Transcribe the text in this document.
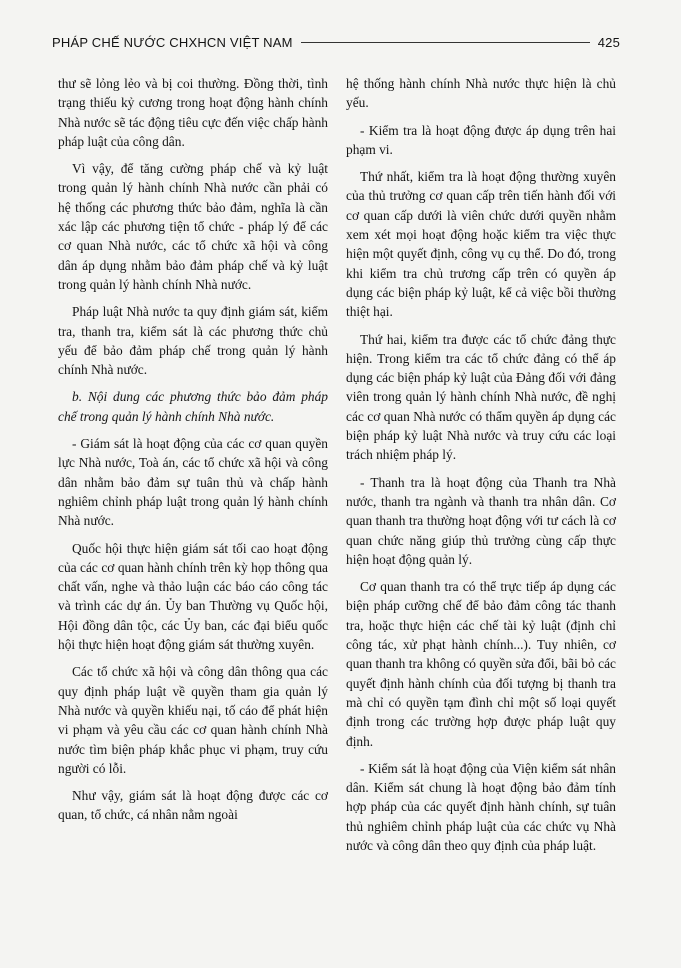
PHÁP CHẾ NƯỚC CHXHCN VIỆT NAM	425

thư sẽ lỏng lẻo và bị coi thường. Đồng thời, tình trạng thiếu kỷ cương trong hoạt động hành chính Nhà nước sẽ tác động tiêu cực đến việc chấp hành pháp luật của công dân.

Vì vậy, để tăng cường pháp chế và kỷ luật trong quản lý hành chính Nhà nước cần phải có hệ thống các phương thức bảo đảm, nghĩa là cần xác lập các phương tiện tổ chức - pháp lý để các cơ quan Nhà nước, các tổ chức xã hội và công dân áp dụng nhằm bảo đảm pháp chế và kỷ luật trong quản lý hành chính Nhà nước.

Pháp luật Nhà nước ta quy định giám sát, kiểm tra, thanh tra, kiểm sát là các phương thức chủ yếu để bảo đảm pháp chế trong quản lý hành chính Nhà nước.

b. Nội dung các phương thức bảo đảm pháp chế trong quản lý hành chính Nhà nước.

- Giám sát là hoạt động của các cơ quan quyền lực Nhà nước, Toà án, các tổ chức xã hội và công dân nhằm bảo đảm sự tuân thủ và chấp hành nghiêm chỉnh pháp luật trong quản lý hành chính Nhà nước.

Quốc hội thực hiện giám sát tối cao hoạt động của các cơ quan hành chính trên kỳ họp thông qua chất vấn, nghe và thảo luận các báo cáo công tác và trình các dự án. Ủy ban Thường vụ Quốc hội, Hội đồng dân tộc, các Ủy ban, các đại biểu quốc hội thực hiện hoạt động giám sát thường xuyên.

Các tổ chức xã hội và công dân thông qua các quy định pháp luật về quyền tham gia quản lý Nhà nước và quyền khiếu nại, tố cáo để phát hiện vi phạm và yêu cầu các cơ quan hành chính Nhà nước tìm biện pháp khắc phục vi phạm, truy cứu người có lỗi.

Như vậy, giám sát là hoạt động được các cơ quan, tổ chức, cá nhân nằm ngoài

hệ thống hành chính Nhà nước thực hiện là chủ yếu.

- Kiểm tra là hoạt động được áp dụng trên hai phạm vi.

Thứ nhất, kiểm tra là hoạt động thường xuyên của thủ trưởng cơ quan cấp trên tiến hành đối với cơ quan cấp dưới là viên chức dưới quyền nhằm xem xét mọi hoạt động hoặc kiểm tra việc thực hiện một quyết định, công vụ cụ thể. Do đó, trong khi kiểm tra chủ trương cấp trên có quyền áp dụng các biện pháp kỷ luật, kể cả việc bồi thường thiệt hại.

Thứ hai, kiểm tra được các tổ chức đảng thực hiện. Trong kiểm tra các tổ chức đảng có thể áp dụng các biện pháp kỷ luật của Đảng đối với đảng viên trong quản lý hành chính Nhà nước, đề nghị các cơ quan Nhà nước có thẩm quyền áp dụng các biện pháp kỷ luật Nhà nước và truy cứu các loại trách nhiệm pháp lý.

- Thanh tra là hoạt động của Thanh tra Nhà nước, thanh tra ngành và thanh tra nhân dân. Cơ quan thanh tra thường hoạt động với tư cách là cơ quan chức năng giúp thủ trưởng cùng cấp thực hiện hoạt động quản lý.

Cơ quan thanh tra có thể trực tiếp áp dụng các biện pháp cưỡng chế để bảo đảm công tác thanh tra, hoặc thực hiện các chế tài kỷ luật (định chỉ công tác, xử phạt hành chính...). Tuy nhiên, cơ quan thanh tra không có quyền sửa đổi, bãi bỏ các quyết định hành chính của đối tượng bị thanh tra mà chỉ có quyền tạm đình chỉ một số loại quyết định trong các trường hợp được pháp luật quy định.

- Kiểm sát là hoạt động của Viện kiểm sát nhân dân. Kiểm sát chung là hoạt động bảo đảm tính hợp pháp của các quyết định hành chính, sự tuân thủ nghiêm chỉnh pháp luật của các chức vụ Nhà nước và công dân theo quy định của pháp luật.
